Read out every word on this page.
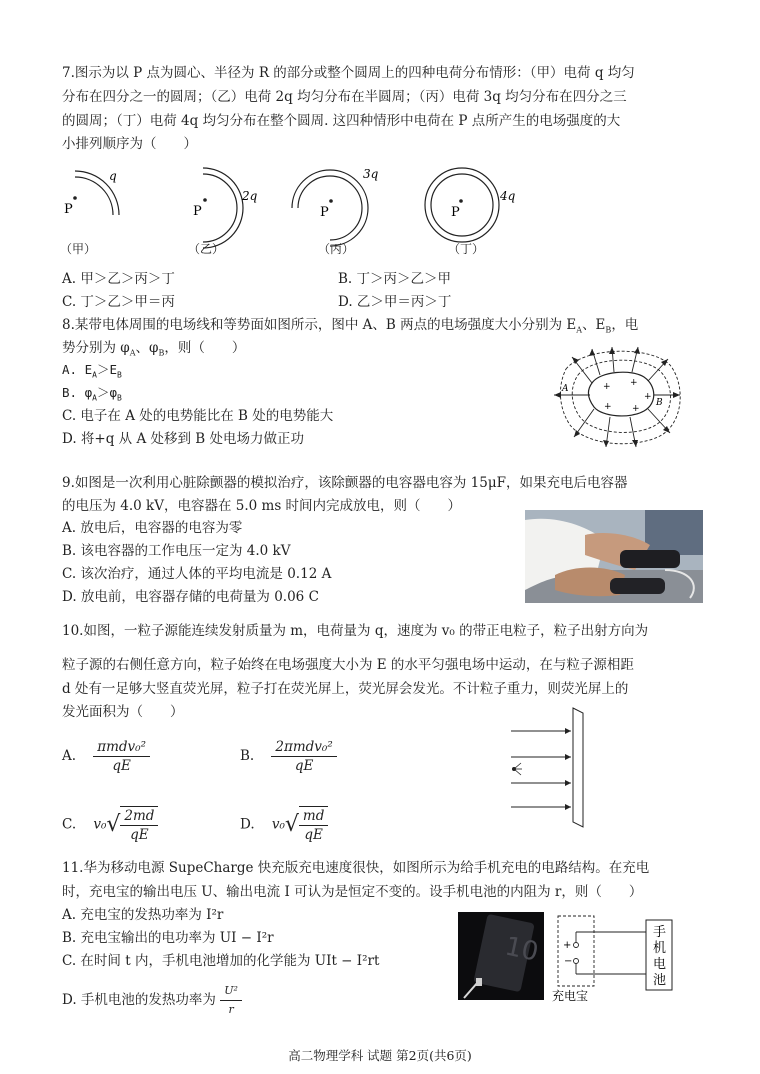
7.图示为以 P 点为圆心、半径为 R 的部分或整个圆周上的四种电荷分布情形：（甲）电荷 q 均匀
分布在四分之一的圆周；（乙）电荷 2q 均匀分布在半圆周；（丙）电荷 3q 均匀分布在四分之三
的圆周；（丁）电荷 4q 均匀分布在整个圆周. 这四种情形中电荷在 P 点所产生的电场强度的大
小排列顺序为（　　）
P
q
P
2q
P
3q
P
4q
（甲）	（乙）	（丙）	（丁）
A. 甲＞乙＞丙＞丁	B. 丁＞丙＞乙＞甲
C. 丁＞乙＞甲＝丙	D. 乙＞甲＝丙＞丁
8.某带电体周围的电场线和等势面如图所示，图中 A、B 两点的电场强度大小分别为 $E_A$、$E_B$，电
势分别为 $\varphi_A$、$\varphi_B$，则（　　）
A. $E_A>E_B$
B. $\varphi_A>\varphi_B$
C. 电子在 A 处的电势能比在 B 处的电势能大
D. 将+q 从 A 处移到 B 处电场力做正功
+ +
+
+
+
A
B
9.如图是一次利用心脏除颤器的模拟治疗，该除颤器的电容器电容为 15μF，如果充电后电容器
的电压为 4.0 kV，电容器在 5.0 ms 时间内完成放电，则（　　）
A. 放电后，电容器的电容为零
B. 该电容器的工作电压一定为 4.0 kV
C. 该次治疗，通过人体的平均电流是 0.12 A
D. 放电前，电容器存储的电荷量为 0.06 C
10.如图，一粒子源能连续发射质量为 m，电荷量为 q，速度为 v₀ 的带正电粒子，粒子出射方向为
粒子源的右侧任意方向，粒子始终在电场强度大小为 E 的水平匀强电场中运动，在与粒子源相距
d 处有一足够大竖直荧光屏，粒子打在荧光屏上，荧光屏会发光。不计粒子重力，则荧光屏上的
发光面积为（　　）
A. $\frac{\text{πmdv₀²}}{qE}$	B. $\frac{\text{2πmdv₀²}}{qE}$
C. $v_0√ \frac{2md}{qE}$	D. $v_0√ \frac{md}{qE}$
11.华为移动电源 SupeCharge 快充版充电速度很快，如图所示为给手机充电的电路结构。在充电
时，充电宝的输出电压 U、输出电流 I 可认为是恒定不变的。设手机电池的内阻为 r，则（　　）
A. 充电宝的发热功率为 I²r
B. 充电宝输出的电功率为 UI − I²r
C. 在时间 t 内，手机电池增加的化学能为 UIt − I²rt
D. 手机电池的发热功率为 $\frac{\text{U²}}{r}$
10 +
−
手
机
电
池
充电宝
高二物理学科 试题 第2页(共6页)
